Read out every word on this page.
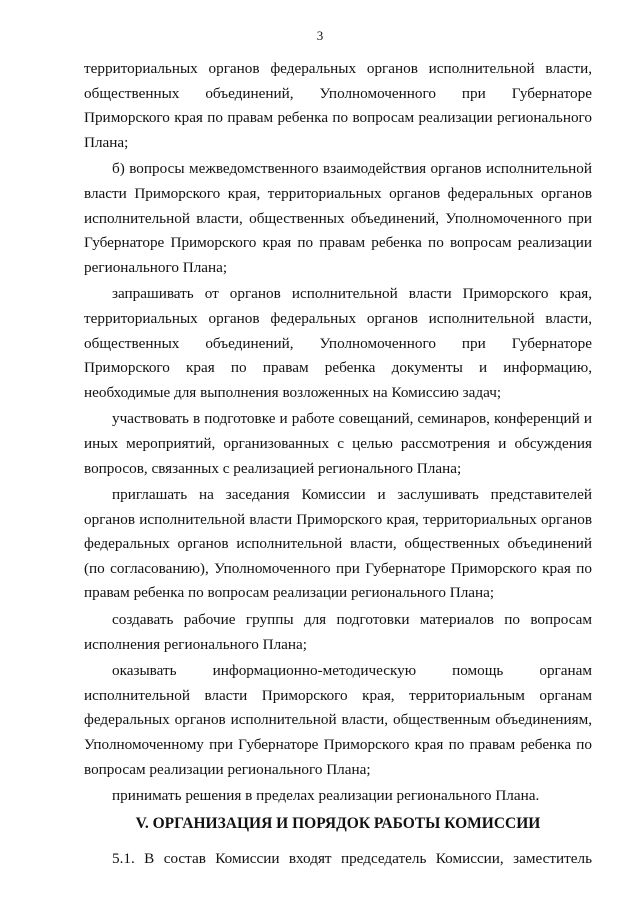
3

территориальных органов федеральных органов исполнительной власти, общественных объединений, Уполномоченного при Губернаторе Приморского края по правам ребенка по вопросам реализации регионального Плана;

б) вопросы межведомственного взаимодействия органов исполнительной власти Приморского края, территориальных органов федеральных органов исполнительной власти, общественных объединений, Уполномоченного при Губернаторе Приморского края по правам ребенка по вопросам реализации регионального Плана;

запрашивать от органов исполнительной власти Приморского края, территориальных органов федеральных органов исполнительной власти, общественных объединений, Уполномоченного при Губернаторе Приморского края по правам ребенка документы и информацию, необходимые для выполнения возложенных на Комиссию задач;

участвовать в подготовке и работе совещаний, семинаров, конференций и иных мероприятий, организованных с целью рассмотрения и обсуждения вопросов, связанных с реализацией регионального Плана;

приглашать на заседания Комиссии и заслушивать представителей органов исполнительной власти Приморского края, территориальных органов федеральных органов исполнительной власти, общественных объединений (по согласованию), Уполномоченного при Губернаторе Приморского края по правам ребенка по вопросам реализации регионального Плана;

создавать рабочие группы для подготовки материалов по вопросам исполнения регионального Плана;

оказывать информационно-методическую помощь органам исполнительной власти Приморского края, территориальным органам федеральных органов исполнительной власти, общественным объединениям, Уполномоченному при Губернаторе Приморского края по правам ребенка по вопросам реализации регионального Плана;

принимать решения в пределах реализации регионального Плана.

V. ОРГАНИЗАЦИЯ И ПОРЯДОК РАБОТЫ КОМИССИИ

5.1. В состав Комиссии входят председатель Комиссии, заместитель
